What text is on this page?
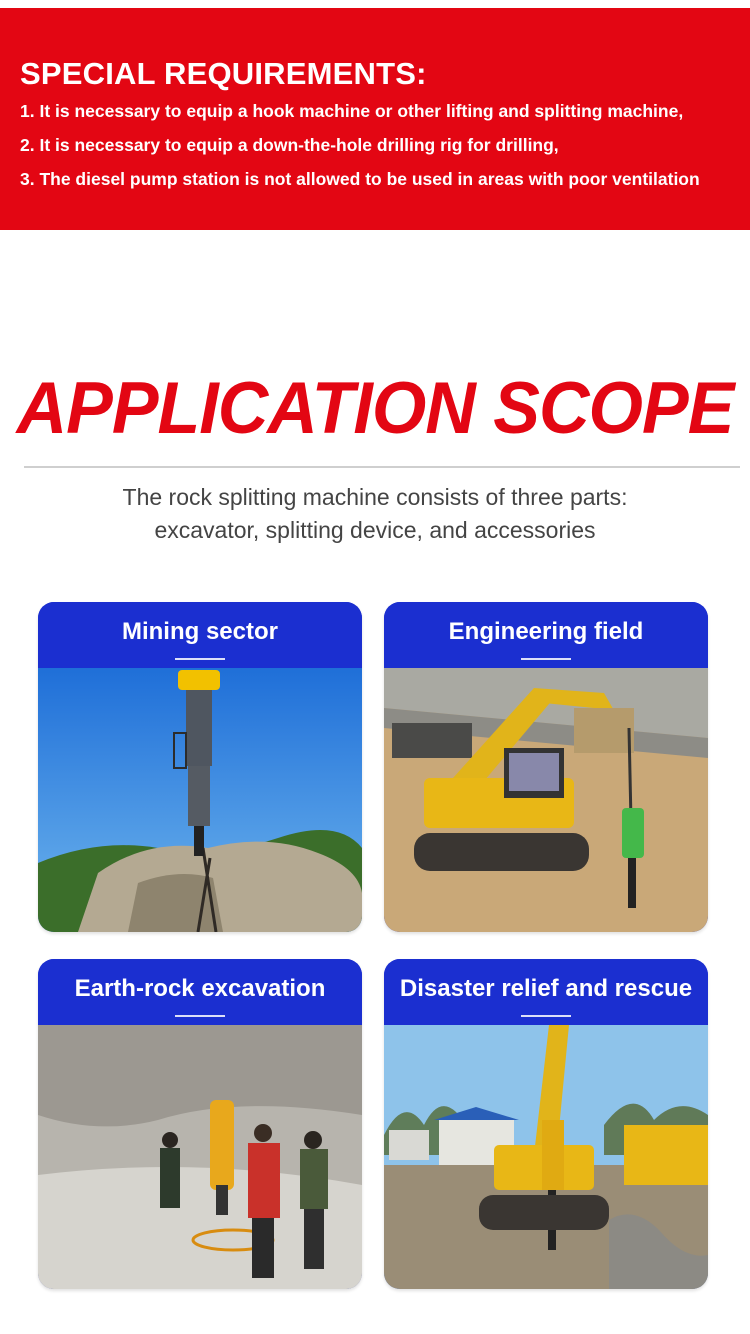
SPECIAL REQUIREMENTS:
1. It is necessary to equip a hook machine or other lifting and splitting machine,
2. It is necessary to equip a down-the-hole drilling rig for drilling,
3. The diesel pump station is not allowed to be used in areas with poor ventilation
APPLICATION SCOPE
The rock splitting machine consists of three parts:
excavator, splitting device, and accessories
Mining sector	Engineering field
Earth-rock excavation	Disaster relief and rescue
